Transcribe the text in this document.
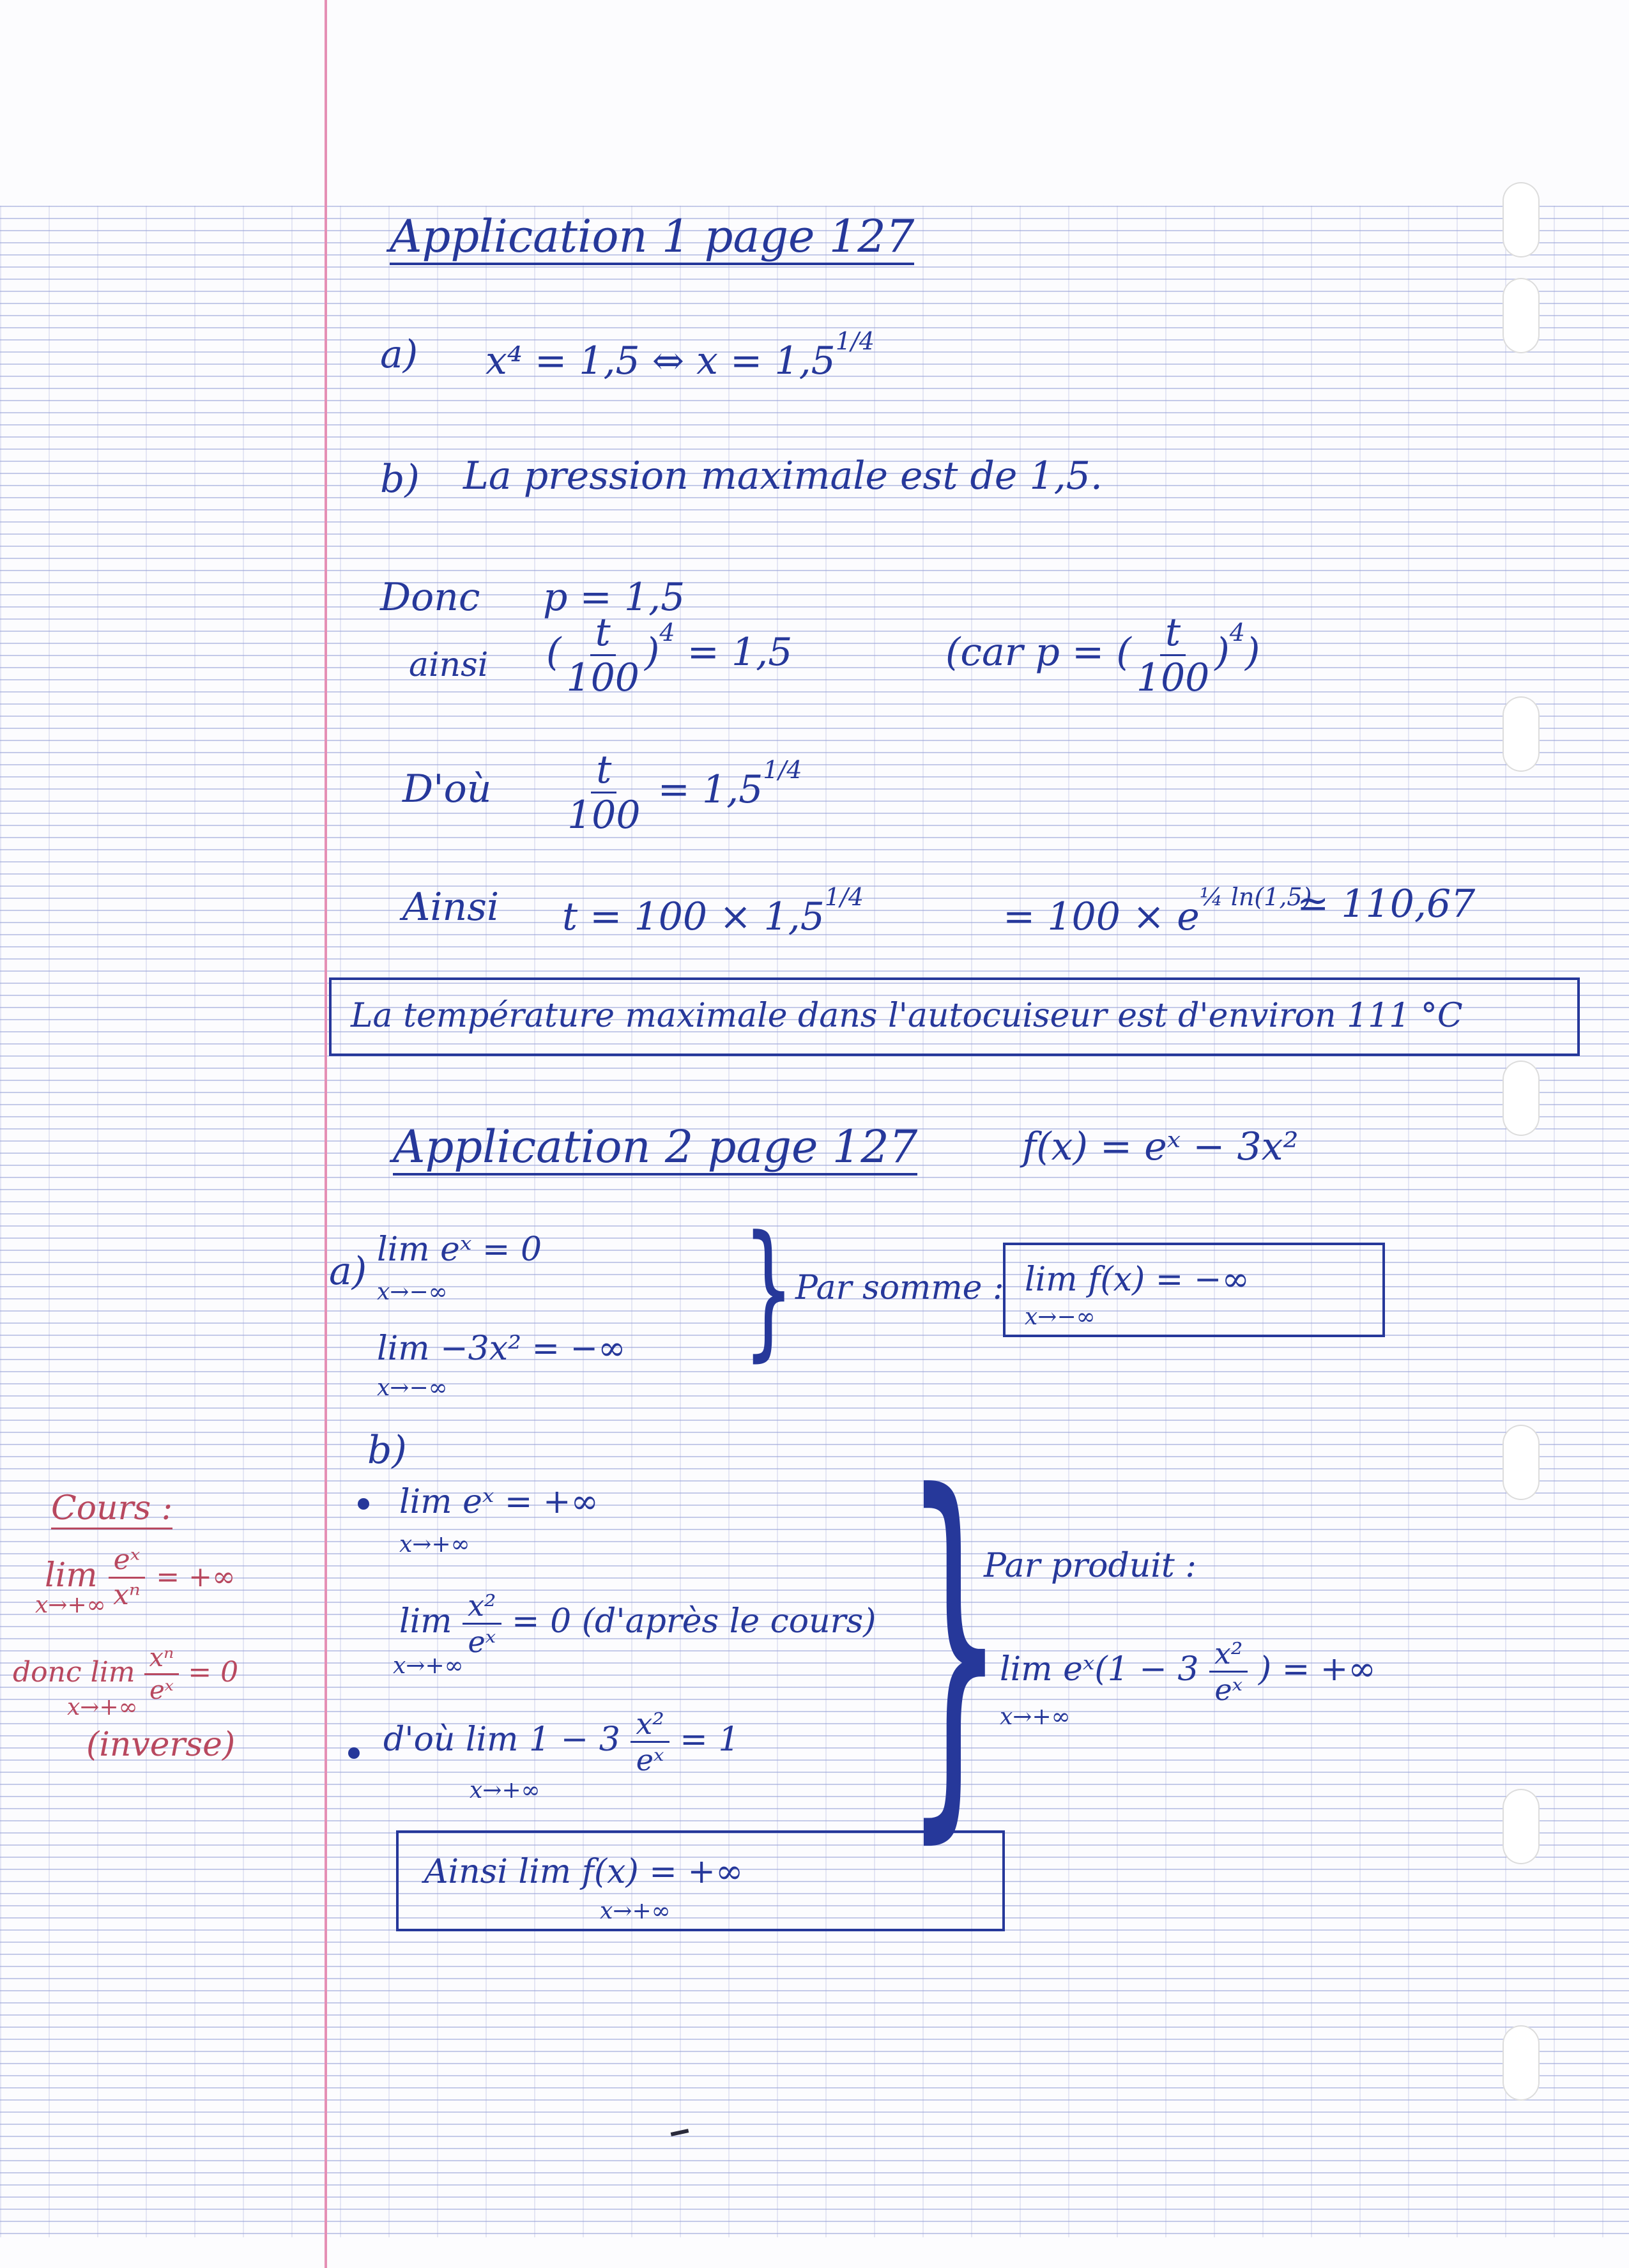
Application 1 page 127
a) x⁴ = 1,5 ⇔ $x = 1,5^{1/4}$
b) La pression maximale est de 1,5.
Donc p = 1,5
ainsi ( $\frac{t}{100} )^4 = 1,5$	(car p = ( $\frac{t}{100} )^4$)
D'où $\frac{t}{100} = 1,5^{1/4}$
Ainsi $t = 100 \times 1,5^{1/4}$	= $100 \times e^{\frac{1}{4} ln(1,5)}$
≃ 110,67
La température maximale dans l'autocuiseur est d'environ 111 °C
Application 2 page 127	f(x) = eˣ − 3x²
a) lim eˣ = 0
x→−∞
lim −3x² = −∞
x→−∞
} Par somme : lim f(x) = −∞
x→−∞
b)
lim eˣ = +∞
x→+∞
$\lim \frac{\text{x²}}{\text{eˣ}} = 0$ (d'après le cours)
x→+∞
d'où $\lim 1 - 3 \frac{\text{x²}}{\text{eˣ}} = 1$
x→+∞ }
Par produit :
lim eˣ(1 − $3 \frac{\text{x²}}{\text{eˣ}}$ ) = +∞
x→+∞
Ainsi lim f(x) = +∞
x→+∞
Cours :
$\lim \frac{\text{eˣ}}{\text{xⁿ}}$ = +∞
x→+∞
donc $\lim \frac{\text{xⁿ}}{\text{eˣ}} = 0$
x→+∞
(inverse)
